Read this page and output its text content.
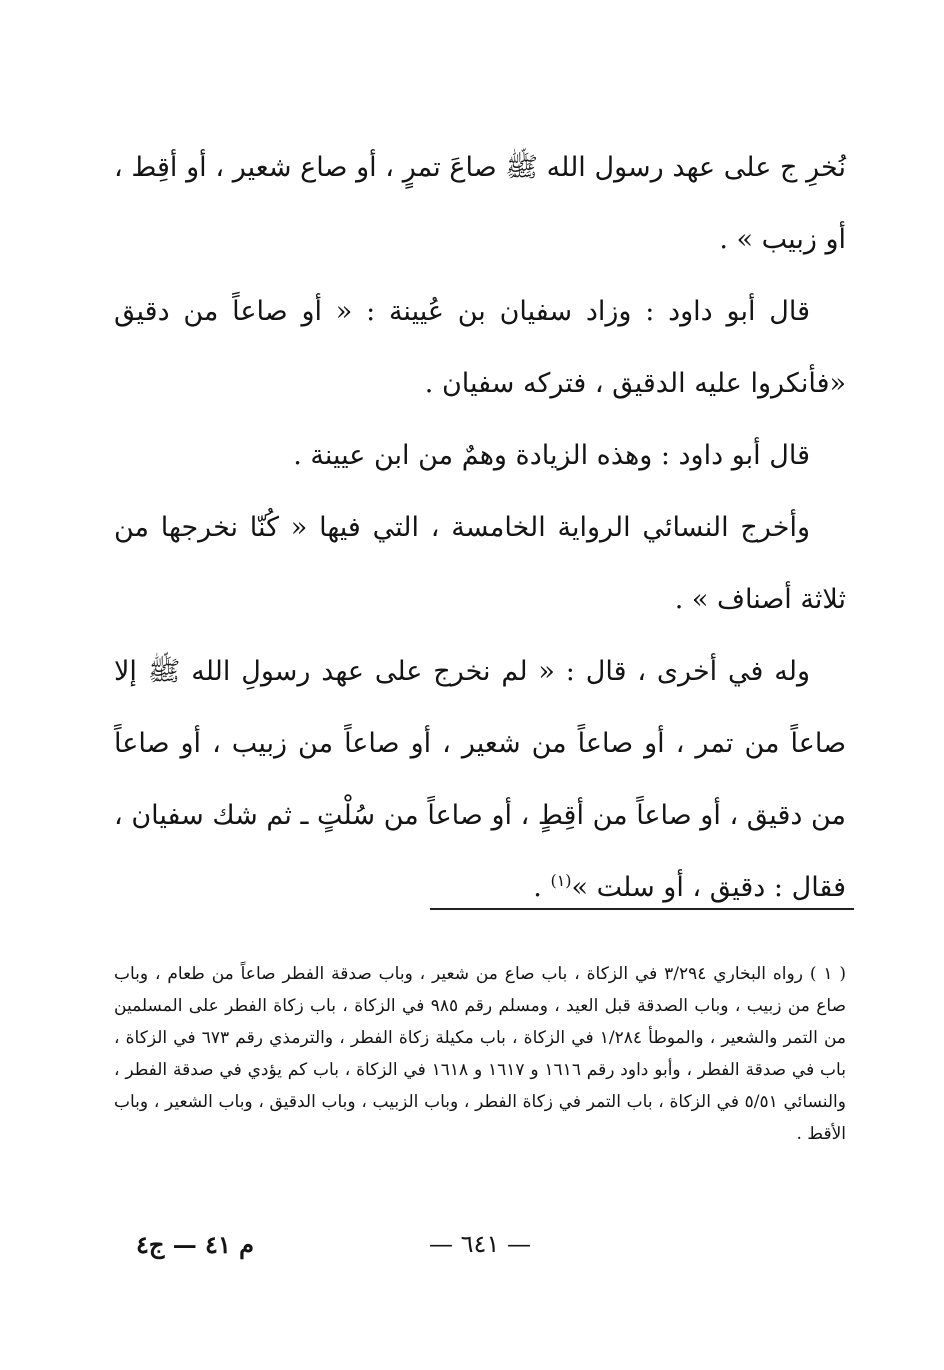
نُخرِ ج على عهد رسول الله ﷺ صاعَ تمرٍ ، أو صاع شعير ، أو أقِط ، أو زبيب » .

قال أبو داود : وزاد سفيان بن عُيينة : « أو صاعاً من دقيق «فأنكروا عليه الدقيق ، فتركه سفيان .

قال أبو داود : وهذه الزيادة وهمٌ من ابن عيينة .

وأخرج النسائي الرواية الخامسة ، التي فيها « كُنّا نخرجها من ثلاثة أصناف » .

وله في أخرى ، قال : « لم نخرج على عهد رسولِ الله ﷺ إلا صاعاً من تمر ، أو صاعاً من شعير ، أو صاعاً من زبيب ، أو صاعاً من دقيق ، أو صاعاً من أقِطٍ ، أو صاعاً من سُلْتٍ ـ ثم شك سفيان ، فقال : دقيق ، أو سلت »$^{(١)}$ .

( ١ ) رواه البخاري ٣/٢٩٤ في الزكاة ، باب صاع من شعير ، وباب صدقة الفطر صاعاً من طعام ، وباب صاع من زبيب ، وباب الصدقة قبل العيد ، ومسلم رقم ٩٨٥ في الزكاة ، باب زكاة الفطر على المسلمين من التمر والشعير ، والموطأ ١/٢٨٤ في الزكاة ، باب مكيلة زكاة الفطر ، والترمذي رقم ٦٧٣ في الزكاة ، باب في صدقة الفطر ، وأبو داود رقم ١٦١٦ و ١٦١٧ و ١٦١٨ في الزكاة ، باب كم يؤدي في صدقة الفطر ، والنسائي ٥/٥١ في الزكاة ، باب التمر في زكاة الفطر ، وباب الزبيب ، وباب الدقيق ، وباب الشعير ، وباب الأقط .

— ٦٤١ —
م ٤١ — ج٤
